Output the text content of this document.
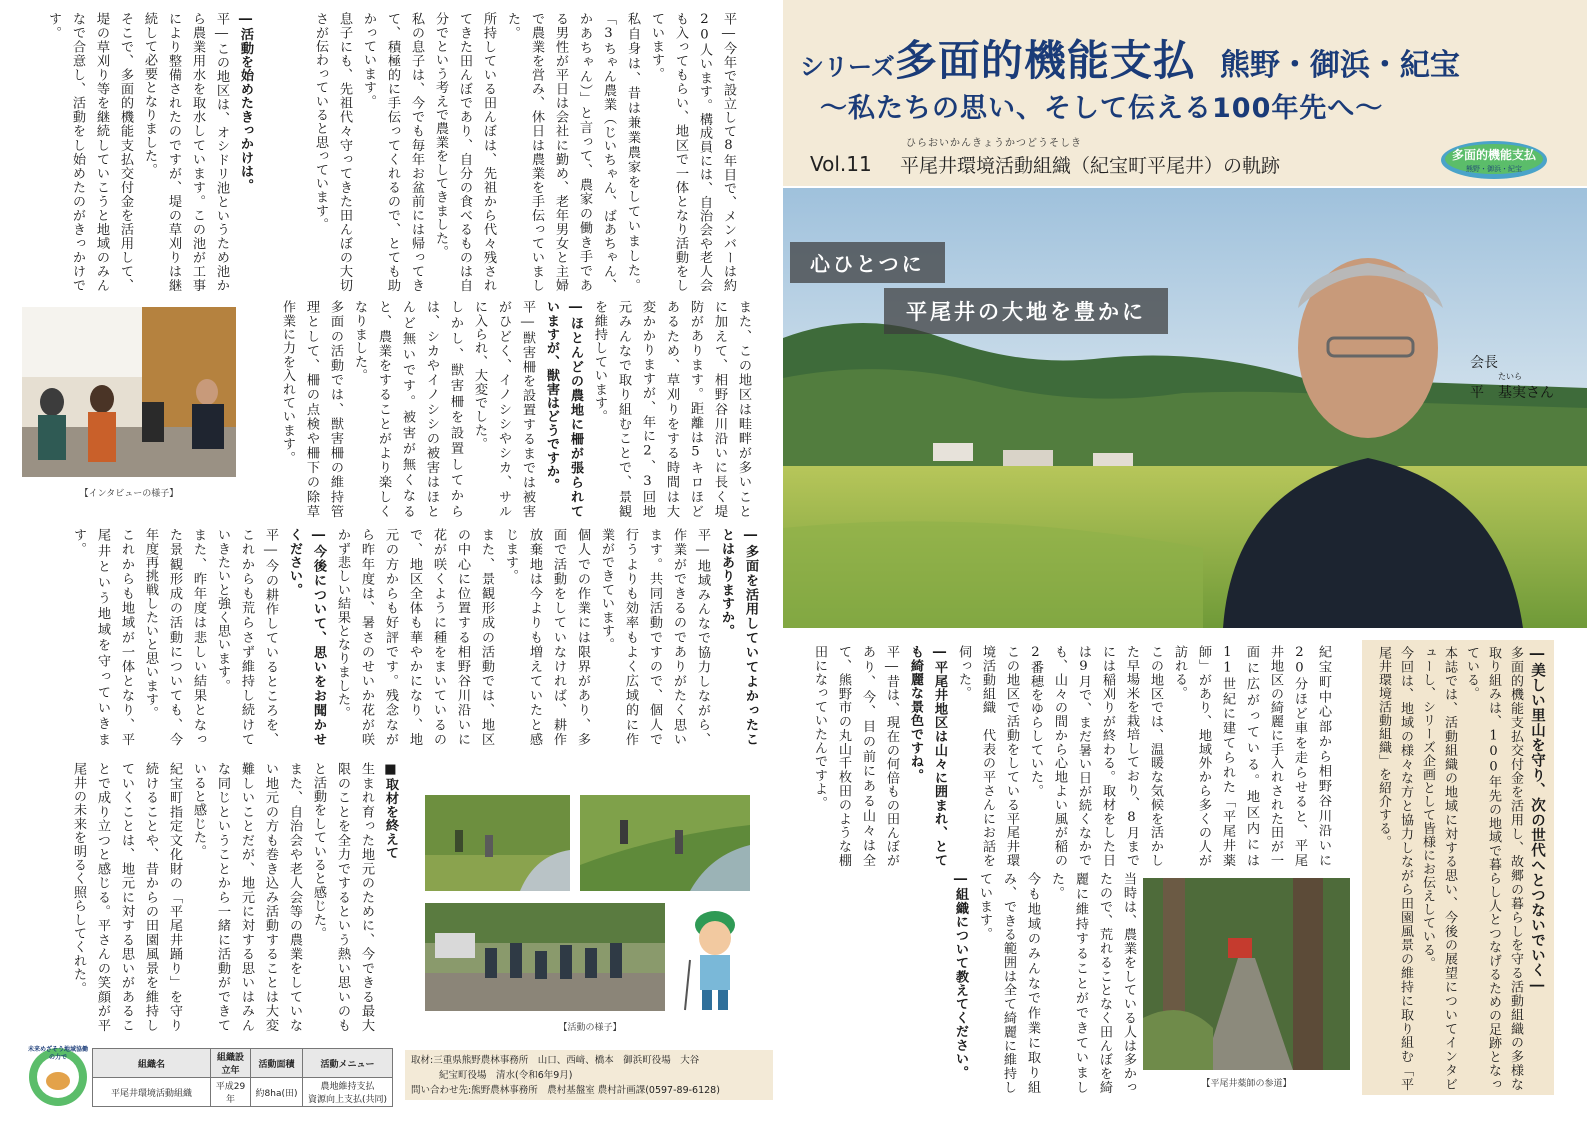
シリーズ多面的機能支払 熊野・御浜・紀宝
～私たちの思い、そして伝える100年先へ～
ひらおいかんきょうかつどうそしき
Vol.11 平尾井環境活動組織（紀宝町平尾井）の軌跡	多面的機能支払
熊野・御浜・紀宝
心ひとつに
平尾井の大地を豊かに
会長
たいら
平　基実さん

―美しい里山を守り、次の世代へとつないでいく―

多面的機能支払交付金を活用し、故郷の暮らしを守る活動組織の多様な取り組みは、100年先の地域で暮らし人とつなげるための足跡となっている。

本誌では、活動組織の地域に対する思い、今後の展望についてインタビューし、シリーズ企画として皆様にお伝えしている。

今回は、地域の様々な方と協力しながら田園風景の維持に取り組む「平尾井環境活動組織」を紹介する。

紀宝町中心部から相野谷川沿いに20分ほど車を走らせると、平尾井地区の綺麗に手入れされた田が一面に広がっている。地区内には11世紀に建てられた「平尾井薬師」があり、地域外から多くの人が訪れる。

この地区では、温暖な気候を活かした早場米を栽培しており、8月までには稲刈りが終わる。取材をした日は9月で、まだ暑い日が続くなかでも、山々の間から心地よい風が稲の2番穂をゆらしていた。

この地区で活動をしている平尾井環境活動組織　代表の平さんにお話を伺った。

―平尾井地区は山々に囲まれ、とても綺麗な景色ですね。

平―昔は、現在の何倍もの田んぼがあり、今、目の前にある山々は全て、熊野市の丸山千枚田のような棚田になっていたんですよ。

当時は、農業をしている人は多かったので、荒れることなく田んぼを綺麗に維持することができていました。

今も地域のみんなで作業に取り組み、できる範囲は全て綺麗に維持しています。

―組織について教えてください。

【平尾井薬師の参道】

平―今年で設立して8年目で、メンバーは約20人います。構成員には、自治会や老人会も入ってもらい、地区で一体となり活動をしています。

私自身は、昔は兼業農家をしていました。「3ちゃん農業（じいちゃん、ばあちゃん、かあちゃん）」と言って、農家の働き手である男性が平日は会社に勤め、老年男女と主婦で農業を営み、休日は農業を手伝っていました。

所持している田んぼは、先祖から代々残されてきた田んぼであり、自分の食べるものは自分でという考えで農業をしてきました。

私の息子は、今でも毎年お盆前には帰ってきて、積極的に手伝ってくれるので、とても助かっています。

息子にも、先祖代々守ってきた田んぼの大切さが伝わっていると思っています。

―活動を始めたきっかけは。

平―この地区は、オシドリ池というため池から農業用水を取水しています。この池が工事により整備されたのですが、堤の草刈りは継続して必要となりました。

そこで、多面的機能支払交付金を活用して、堤の草刈り等を継続していこうと地域のみんなで合意し、活動をし始めたのがきっかけです。

【インタビューの様子】	また、この地区は畦畔が多いことに加えて、相野谷川沿いに長く堤防があります。距離は5キロほどあるため、草刈りをする時間は大変かかりますが、年に2、3回地元みんなで取り組むことで、景観を維持しています。

―ほとんどの農地に柵が張られていますが、獣害はどうですか。

平―獣害柵を設置するまでは被害がひどく、イノシシやシカ、サルに入られ、大変でした。

しかし、獣害柵を設置してからは、シカやイノシシの被害はほとんど無いです。被害が無くなると、農業をすることがより楽しくなりました。

多面の活動では、獣害柵の維持管理として、柵の点検や柵下の除草作業に力を入れています。

―多面を活用していてよかったことはありますか。

平―地域みんなで協力しながら、作業ができるのでありがたく思います。共同活動ですので、個人で行うよりも効率もよく広域的に作業ができています。

個人での作業には限界があり、多面で活動をしていなければ、耕作放棄地は今よりも増えていたと感じます。

また、景観形成の活動では、地区の中心に位置する相野谷川沿いに花が咲くように種をまいているので、地区全体も華やかになり、地元の方からも好評です。残念ながら昨年度は、暑さのせいか花が咲かず悲しい結果となりました。

―今後について、思いをお聞かせください。

平―今の耕作しているところを、これからも荒らさず維持し続けていきたいと強く思います。

また、昨年度は悲しい結果となった景観形成の活動についても、今年度再挑戦したいと思います。

これからも地域が一体となり、平尾井という地域を守っていきます。

■取材を終えて

生まれ育った地元のために、今できる最大限のことを全力でするという熱い思いのもと活動をしていると感じた。

また、自治会や老人会等の農業をしていない地元の方も巻き込み活動することは大変難しいことだが、地元に対する思いはみんな同じということから一緒に活動ができていると感じた。

紀宝町指定文化財の「平尾井踊り」を守り続けることや、昔からの田園風景を維持していくことは、地元に対する思いがあることで成り立つと感じる。平さんの笑顔が平尾井の未来を明るく照らしてくれた。

【活動の様子】
未来めざそう地域協働の力で
組織名	組織設立年	活動面積	活動メニュー
平尾井環境活動組織	平成29年	約8ha(田)	農地維持支払
資源向上支払(共同)
取材:三重県熊野農林事務所　山口、西﨑、橋本　御浜町役場　大谷
紀宝町役場　清水(令和6年9月)
問い合わせ先:熊野農林事務所　農村基盤室 農村計画課(0597-89-6128)
